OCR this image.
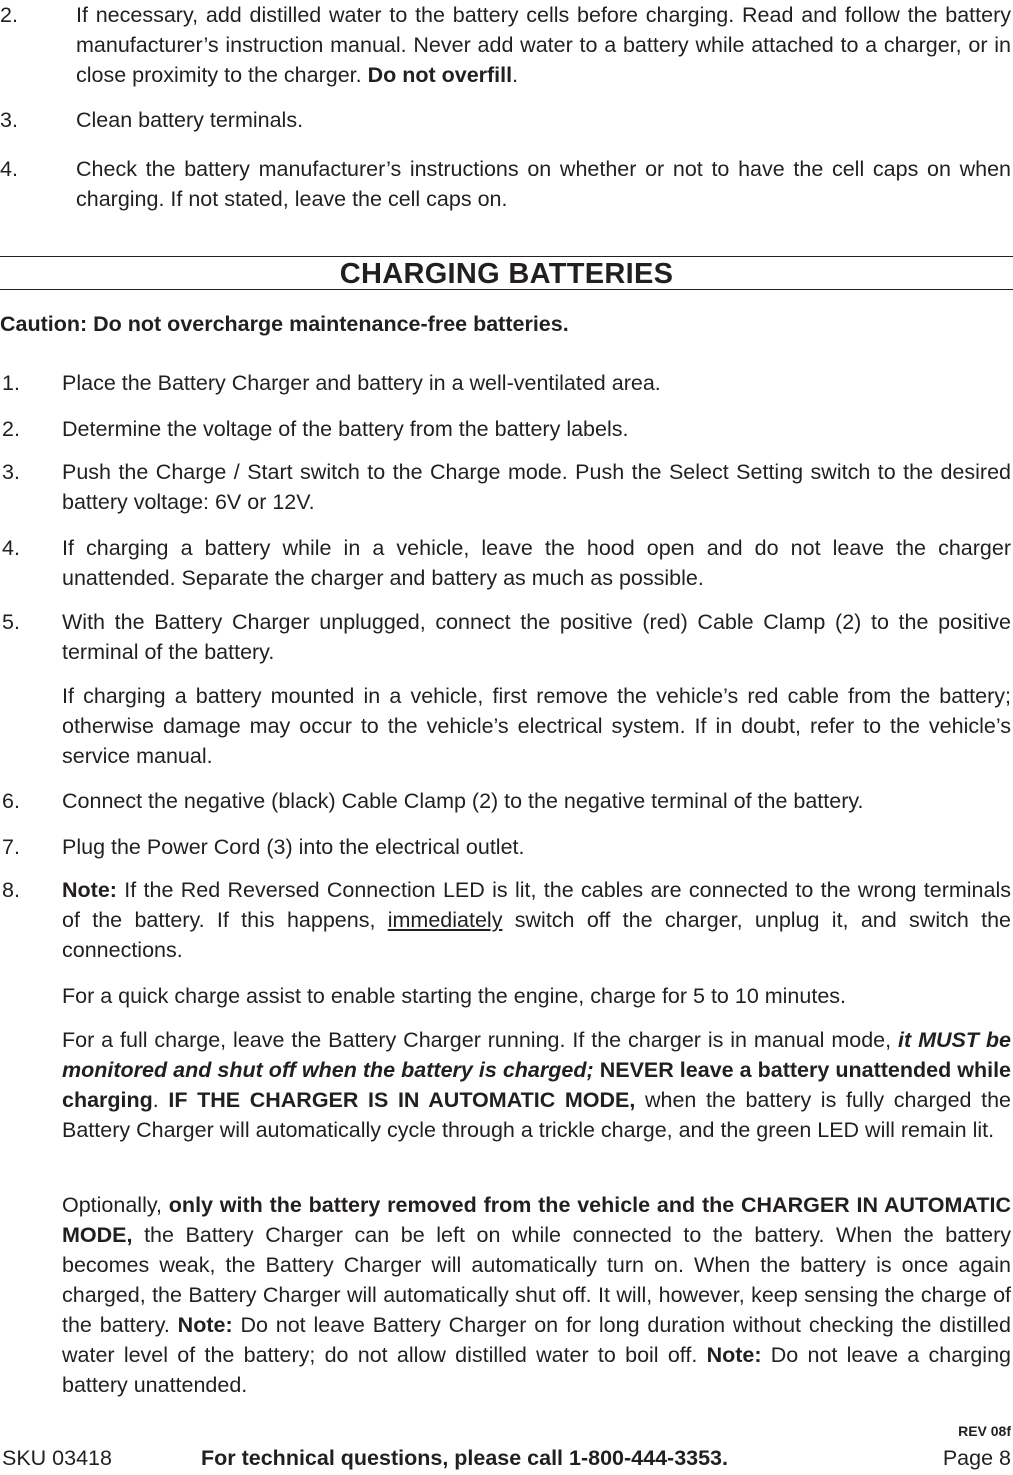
2.	If necessary, add distilled water to the battery cells before charging. Read and follow the battery manufacturer’s instruction manual. Never add water to a battery while attached to a charger, or in close proximity to the charger. Do not overfill.
3.	Clean battery terminals.
4.	Check the battery manufacturer’s instructions on whether or not to have the cell caps on when charging. If not stated, leave the cell caps on.
CHARGING BATTERIES
Caution: Do not overcharge maintenance-free batteries.
1. Place the Battery Charger and battery in a well-ventilated area.
2. Determine the voltage of the battery from the battery labels.
3. Push the Charge / Start switch to the Charge mode. Push the Select Setting switch to the desired battery voltage: 6V or 12V.
4. If charging a battery while in a vehicle, leave the hood open and do not leave the charger unattended. Separate the charger and battery as much as possible.
5. With the Battery Charger unplugged, connect the positive (red) Cable Clamp (2) to the positive terminal of the battery.
If charging a battery mounted in a vehicle, first remove the vehicle’s red cable from the battery; otherwise damage may occur to the vehicle’s electrical system. If in doubt, refer to the vehicle’s service manual.
6. Connect the negative (black) Cable Clamp (2) to the negative terminal of the battery.
7. Plug the Power Cord (3) into the electrical outlet.
8. Note: If the Red Reversed Connection LED is lit, the cables are connected to the wrong terminals of the battery. If this happens, immediately switch off the charger, unplug it, and switch the connections.
For a quick charge assist to enable starting the engine, charge for 5 to 10 minutes.
For a full charge, leave the Battery Charger running. If the charger is in manual mode, it MUST be monitored and shut off when the battery is charged; NEVER leave a battery unattended while charging. IF THE CHARGER IS IN AUTOMATIC MODE, when the battery is fully charged the Battery Charger will automatically cycle through a trickle charge, and the green LED will remain lit.
Optionally, only with the battery removed from the vehicle and the CHARGER IN AUTOMATIC MODE, the Battery Charger can be left on while connected to the battery. When the battery becomes weak, the Battery Charger will automatically turn on. When the battery is once again charged, the Battery Charger will automatically shut off. It will, however, keep sensing the charge of the battery. Note: Do not leave Battery Charger on for long duration without checking the distilled water level of the battery; do not allow distilled water to boil off. Note: Do not leave a charging battery unattended.
REV 08f
SKU 03418	For technical questions, please call 1-800-444-3353.	Page 8
